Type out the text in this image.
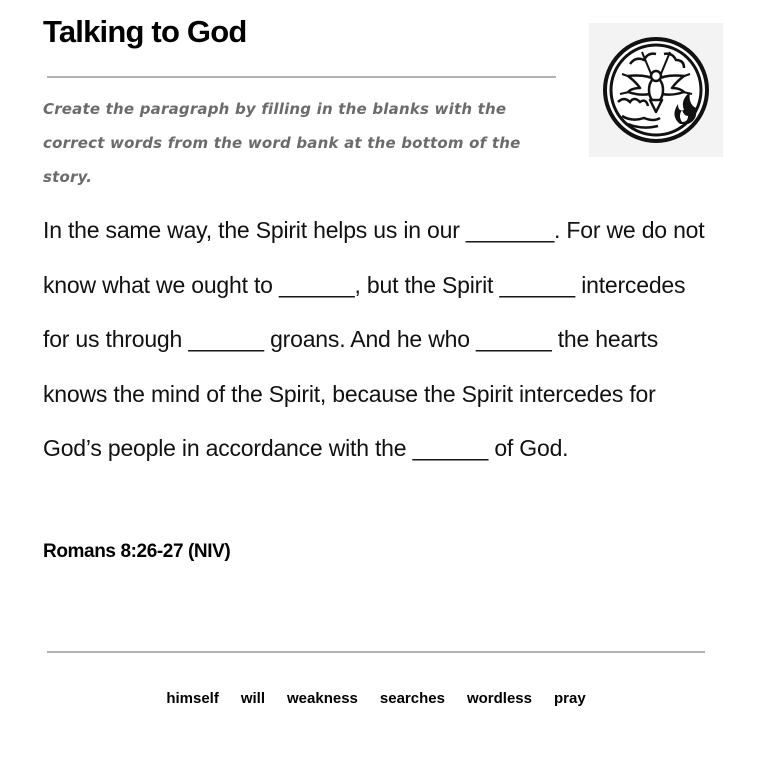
Talking to God

Create the paragraph by filling in the blanks with the correct words from the word bank at the bottom of the story.

In the same way, the Spirit helps us in our _______. For we do not know what we ought to ______, but the Spirit ______ intercedes for us through ______ groans. And he who ______ the hearts knows the mind of the Spirit, because the Spirit intercedes for God’s people in accordance with the ______ of God.

Romans 8:26-27 (NIV)

himself will weakness searches wordless pray
